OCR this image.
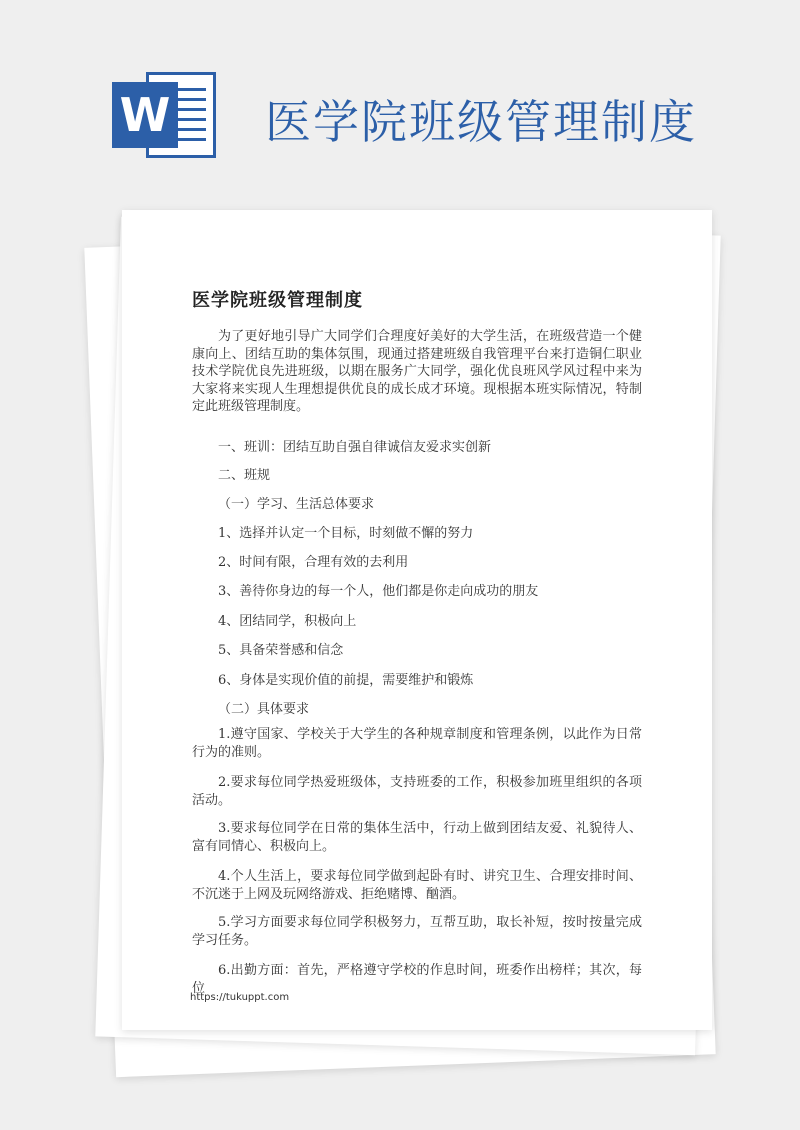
W 医学院班级管理制度
医学院班级管理制度

为了更好地引导广大同学们合理度好美好的大学生活，在班级营造一个健康向上、团结互助的集体氛围，现通过搭建班级自我管理平台来打造铜仁职业技术学院优良先进班级，以期在服务广大同学，强化优良班风学风过程中来为大家将来实现人生理想提供优良的成长成才环境。现根据本班实际情况，特制定此班级管理制度。

一、班训：团结互助自强自律诚信友爱求实创新

二、班规

（一）学习、生活总体要求

1、选择并认定一个目标，时刻做不懈的努力

2、时间有限，合理有效的去利用

3、善待你身边的每一个人，他们都是你走向成功的朋友

4、团结同学，积极向上

5、具备荣誉感和信念

6、身体是实现价值的前提，需要维护和锻炼

（二）具体要求

1.遵守国家、学校关于大学生的各种规章制度和管理条例，以此作为日常行为的准则。

2.要求每位同学热爱班级体，支持班委的工作，积极参加班里组织的各项活动。

3.要求每位同学在日常的集体生活中，行动上做到团结友爱、礼貌待人、富有同情心、积极向上。

4.个人生活上，要求每位同学做到起卧有时、讲究卫生、合理安排时间、不沉迷于上网及玩网络游戏、拒绝赌博、酗酒。

5.学习方面要求每位同学积极努力，互帮互助，取长补短，按时按量完成学习任务。

6.出勤方面：首先，严格遵守学校的作息时间，班委作出榜样；其次，每位

https://tukuppt.com
